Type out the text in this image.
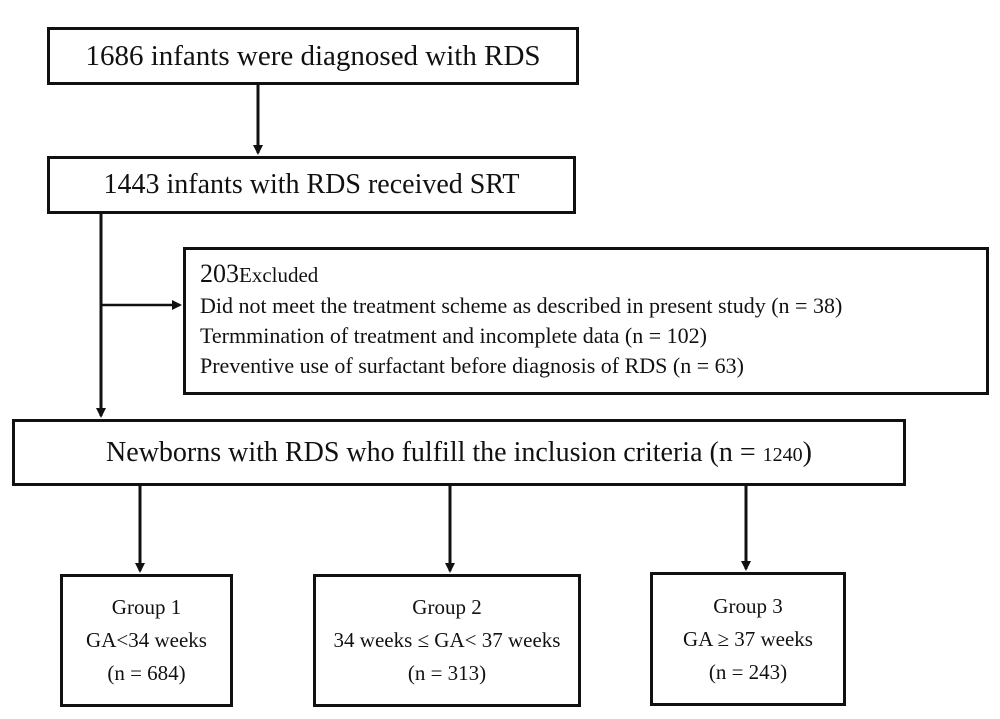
1686 infants were diagnosed with RDS
1443 infants with RDS received SRT
203Excluded
Did not meet the treatment scheme as described in present study (n = 38)
Termmination of treatment and incomplete data (n = 102)
Preventive use of surfactant before diagnosis of RDS (n = 63)
Newborns with RDS who fulfill the inclusion criteria (n = 1240)
Group 1
GA<34 weeks
(n = 684)
Group 2
34 weeks ≤ GA< 37 weeks
(n = 313)
Group 3
GA ≥ 37 weeks
(n = 243)
